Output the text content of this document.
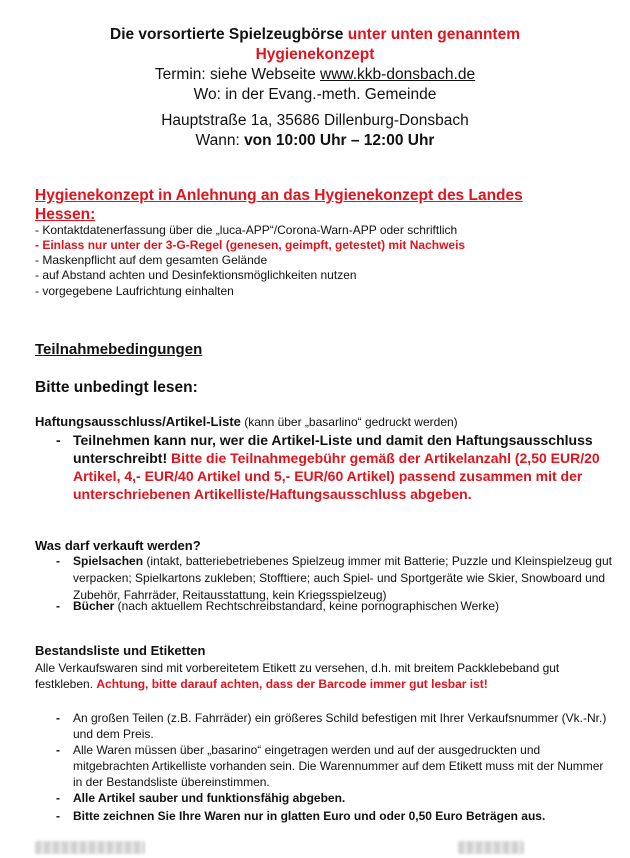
Die vorsortierte Spielzeugbörse unter unten genanntem
Hygienekonzept
Termin: siehe Webseite www.kkb-donsbach.de
Wo: in der Evang.-meth. Gemeinde
Hauptstraße 1a, 35686 Dillenburg-Donsbach
Wann: von 10:00 Uhr – 12:00 Uhr
Hygienekonzept in Anlehnung an das Hygienekonzept des Landes
Hessen:
- Kontaktdatenerfassung über die „luca-APP“/Corona-Warn-APP oder schriftlich
- Einlass nur unter der 3-G-Regel (genesen, geimpft, getestet) mit Nachweis
- Maskenpflicht auf dem gesamten Gelände
- auf Abstand achten und Desinfektionsmöglichkeiten nutzen
- vorgegebene Laufrichtung einhalten
Teilnahmebedingungen
Bitte unbedingt lesen:
Haftungsausschluss/Artikel-Liste (kann über „basarlino“ gedruckt werden)
- Teilnehmen kann nur, wer die Artikel-Liste und damit den Haftungsausschluss unterschreibt! Bitte die Teilnahmegebühr gemäß der Artikelanzahl (2,50 EUR/20 Artikel, 4,- EUR/40 Artikel und 5,- EUR/60 Artikel) passend zusammen mit der unterschriebenen Artikelliste/Haftungsausschluss abgeben.
Was darf verkauft werden?
- Spielsachen (intakt, batteriebetriebenes Spielzeug immer mit Batterie; Puzzle und Kleinspielzeug gut verpacken; Spielkartons zukleben; Stofftiere; auch Spiel- und Sportgeräte wie Skier, Snowboard und Zubehör, Fahrräder, Reitausstattung, kein Kriegsspielzeug)
- Bücher (nach aktuellem Rechtschreibstandard, keine pornographischen Werke)
Bestandsliste und Etiketten
Alle Verkaufswaren sind mit vorbereitetem Etikett zu versehen, d.h. mit breitem Packklebeband gut festkleben. Achtung, bitte darauf achten, dass der Barcode immer gut lesbar ist!
- An großen Teilen (z.B. Fahrräder) ein größeres Schild befestigen mit Ihrer Verkaufsnummer (Vk.-Nr.) und dem Preis.
- Alle Waren müssen über „basarino“ eingetragen werden und auf der ausgedruckten und mitgebrachten Artikelliste vorhanden sein. Die Warennummer auf dem Etikett muss mit der Nummer in der Bestandsliste übereinstimmen.
- Alle Artikel sauber und funktionsfähig abgeben.
- Bitte zeichnen Sie Ihre Waren nur in glatten Euro und oder 0,50 Euro Beträgen aus.
